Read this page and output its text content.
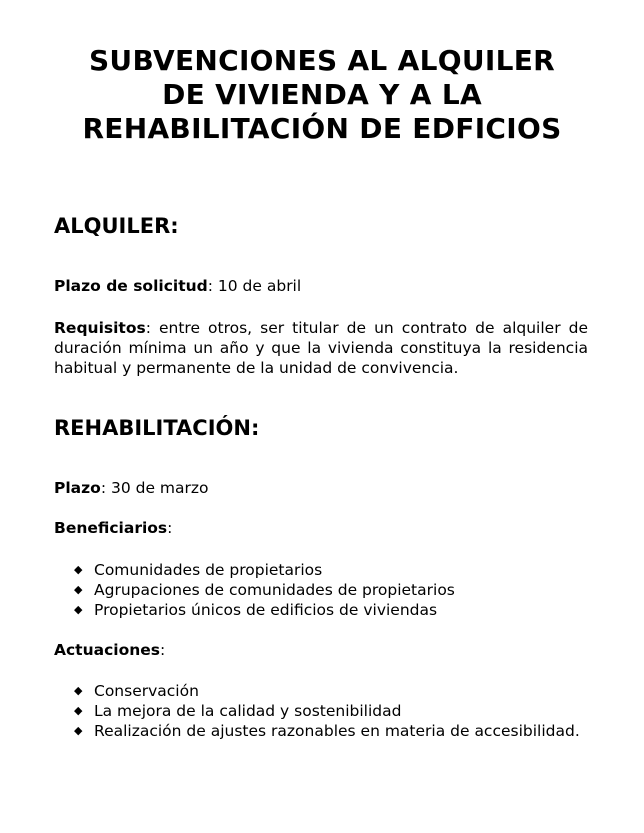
SUBVENCIONES AL ALQUILER
DE VIVIENDA Y A LA
REHABILITACIÓN DE EDFICIOS
ALQUILER:

Plazo de solicitud: 10 de abril

Requisitos: entre otros, ser titular de un contrato de alquiler de duración mínima un año y que la vivienda constituya la residencia habitual y permanente de la unidad de convivencia.

REHABILITACIÓN:

Plazo: 30 de marzo

Beneficiarios:

◆ Comunidades de propietarios
◆ Agrupaciones de comunidades de propietarios
◆ Propietarios únicos de edificios de viviendas

Actuaciones:

◆ Conservación
◆ La mejora de la calidad y sostenibilidad
◆ Realización de ajustes razonables en materia de accesibilidad.
